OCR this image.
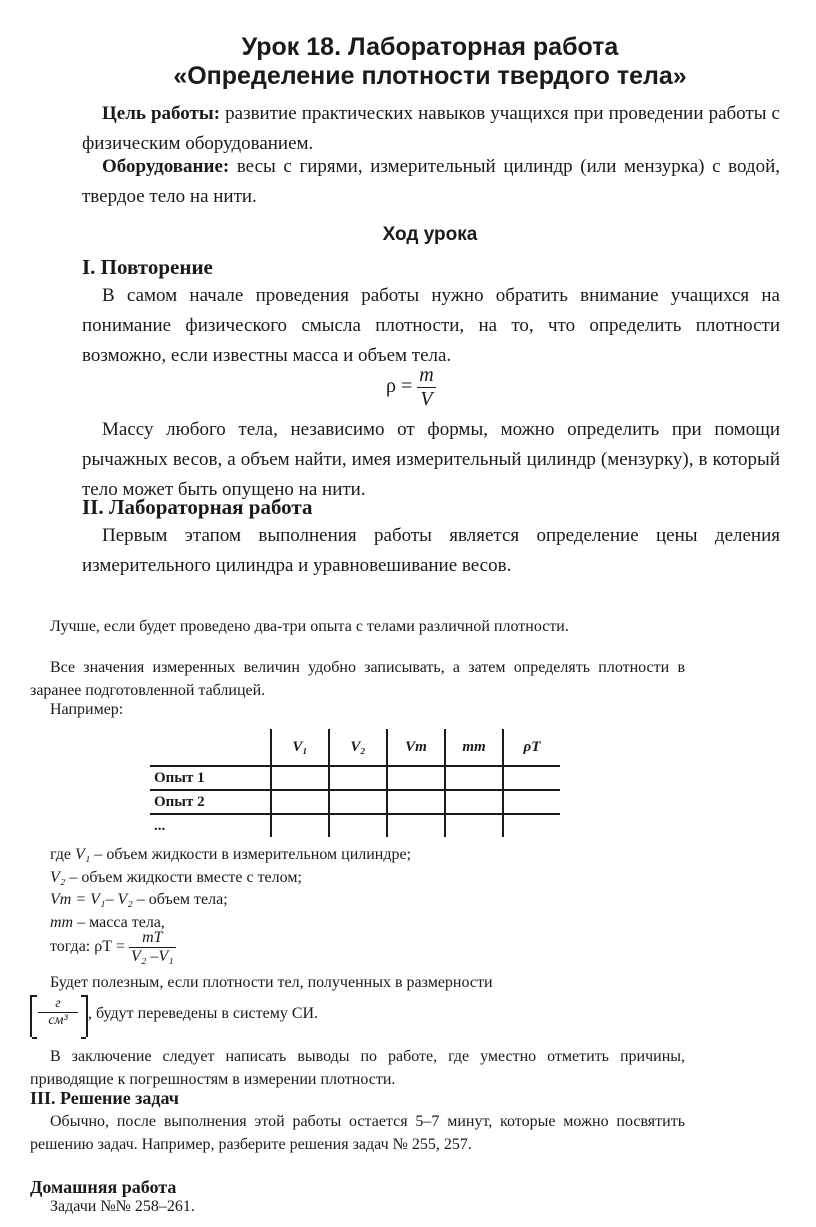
Урок 18. Лабораторная работа
«Определение плотности твердого тела»
Цель работы: развитие практических навыков учащихся при проведении работы с физическим оборудованием.
Оборудование: весы с гирями, измерительный цилиндр (или мензурка) с водой, твердое тело на нити.
Ход урока
I. Повторение
В самом начале проведения работы нужно обратить внимание учащихся на понимание физического смысла плотности, на то, что определить плотности возможно, если известны масса и объем тела.
$\rho = \frac{m}{V}$
Массу любого тела, независимо от формы, можно определить при помощи рычажных весов, а объем найти, имея измерительный цилиндр (мензурку), в который тело может быть опущено на нити.
II. Лабораторная работа
Первым этапом выполнения работы является определение цены деления измерительного цилиндра и уравновешивание весов.
Лучше, если будет проведено два-три опыта с телами различной плотности.
Все значения измеренных величин удобно записывать, а затем определять плотности в заранее подготовленной таблицей.
Например:
	V₁	V₂	Vт	mт	ρТ
Опыт 1					
Опыт 2					
...					
где V₁ – объем жидкости в измерительном цилиндре;
V₂ – объем жидкости вместе с телом;
Vт = V₁– V₂ – объем тела;
mт – масса тела,
тогда: $\rho Т = \frac{mТ}{\text{V₂ –V₁}}$
Будет полезным, если плотности тел, полученных в размерности
г
см³	, будут переведены в систему СИ.
В заключение следует написать выводы по работе, где уместно отметить причины, приводящие к погрешностям в измерении плотности.
III. Решение задач
Обычно, после выполнения этой работы остается 5–7 минут, которые можно посвятить решению задач. Например, разберите решения задач № 255, 257.
Домашняя работа
Задачи №№ 258–261.
